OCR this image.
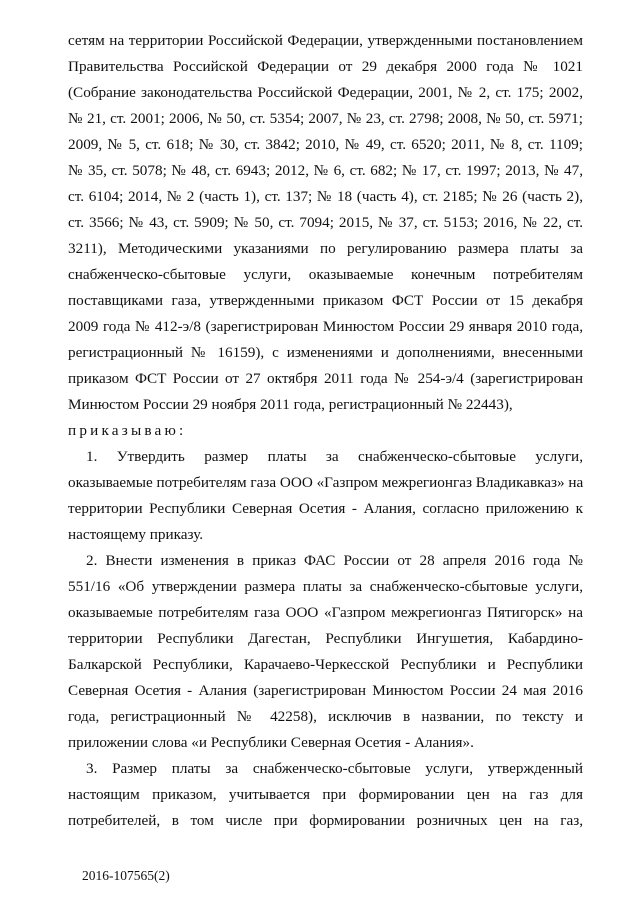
сетям на территории Российской Федерации, утвержденными постановлением
Правительства Российской Федерации от 29 декабря 2000 года № 1021
(Собрание законодательства Российской Федерации, 2001, № 2, ст. 175; 2002,
№ 21, ст. 2001; 2006, № 50, ст. 5354; 2007, № 23, ст. 2798; 2008, № 50, ст. 5971;
2009, № 5, ст. 618; № 30, ст. 3842; 2010, № 49, ст. 6520; 2011, № 8, ст. 1109;
№ 35, ст. 5078; № 48, ст. 6943; 2012, № 6, ст. 682; № 17, ст. 1997; 2013, № 47,
ст. 6104; 2014, № 2 (часть 1), ст. 137; № 18 (часть 4), ст. 2185; № 26 (часть 2),
ст. 3566; № 43, ст. 5909; № 50, ст. 7094; 2015, № 37, ст. 5153; 2016, № 22, ст.
3211), Методическими указаниями по регулированию размера платы за
снабженческо-сбытовые услуги, оказываемые конечным потребителям
поставщиками газа, утвержденными приказом ФСТ России от 15 декабря
2009 года № 412-э/8 (зарегистрирован Минюстом России 29 января 2010 года,
регистрационный № 16159), с изменениями и дополнениями, внесенными
приказом ФСТ России от 27 октября 2011 года № 254-э/4 (зарегистрирован
Минюстом России 29 ноября 2011 года, регистрационный № 22443),
приказываю:
1. Утвердить размер платы за снабженческо-сбытовые услуги,
оказываемые потребителям газа ООО «Газпром межрегионгаз Владикавказ» на
территории Республики Северная Осетия - Алания, согласно приложению к
настоящему приказу.
2. Внести изменения в приказ ФАС России от 28 апреля 2016 года №
551/16 «Об утверждении размера платы за снабженческо-сбытовые услуги,
оказываемые потребителям газа ООО «Газпром межрегионгаз Пятигорск» на
территории Республики Дагестан, Республики Ингушетия, Кабардино-
Балкарской Республики, Карачаево-Черкесской Республики и Республики
Северная Осетия - Алания (зарегистрирован Минюстом России 24 мая 2016
года, регистрационный № 42258), исключив в названии, по тексту и
приложении слова «и Республики Северная Осетия - Алания».
3. Размер платы за снабженческо-сбытовые услуги, утвержденный
настоящим приказом, учитывается при формировании цен на газ для
потребителей, в том числе при формировании розничных цен на газ,
2016-107565(2)
